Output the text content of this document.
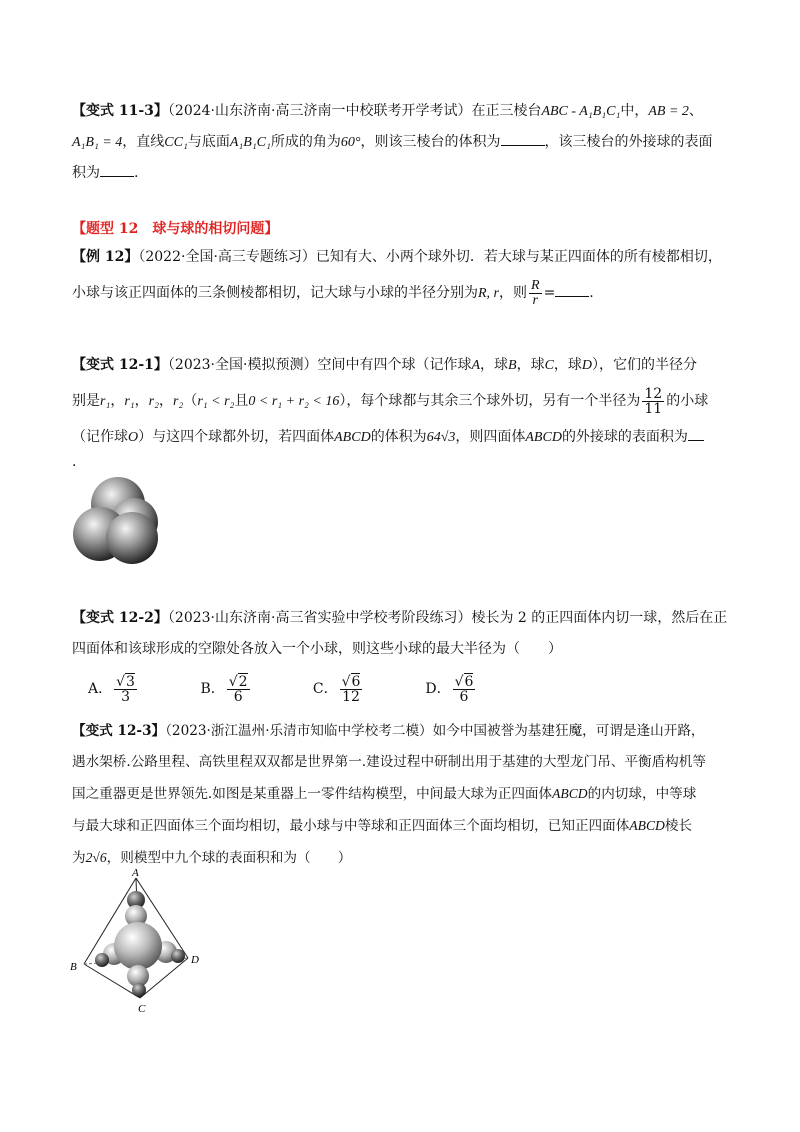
【变式 11-3】（2024·山东济南·高三济南一中校联考开学考试）在正三棱台ABC - A₁B₁C₁中，AB = 2、
A₁B₁ = 4，直线CC₁与底面A₁B₁C₁所成的角为60°，则该三棱台的体积为	，该三棱台的外接球的表面
积为 .
【题型 12　球与球的相切问题】
【例 12】（2022·全国·高三专题练习）已知有大、小两个球外切．若大球与某正四面体的所有棱都相切，
小球与该正四面体的三条侧棱都相切，记大球与小球的半径分别为R, r，则 $\frac{R}{r}$ = .
【变式 12-1】（2023·全国·模拟预测）空间中有四个球（记作球A，球B，球C，球D），它们的半径分
别是r₁，r₁，r₂，r₂（r₁ < r₂且0 < r₁ + r₂ < 16），每个球都与其余三个球外切，另有一个半径为 $\frac{12}{11}$ 的小球
（记作球O）与这四个球都外切，若四面体ABCD的体积为64√3，则四面体ABCD的外接球的表面积为
.
【变式 12-2】（2023·山东济南·高三省实验中学校考阶段练习）棱长为 2 的正四面体内切一球，然后在正
四面体和该球形成的空隙处各放入一个小球，则这些小球的最大半径为（　　）
A． $\frac{√3}{3}$	B． $\frac{√2}{6}$	C． $\frac{√6}{12}$	D． $\frac{√6}{6}$
【变式 12-3】（2023·浙江温州·乐清市知临中学校考二模）如今中国被誉为基建狂魔，可谓是逢山开路，
遇水架桥.公路里程、高铁里程双双都是世界第一.建设过程中研制出用于基建的大型龙门吊、平衡盾构机等
国之重器更是世界领先.如图是某重器上一零件结构模型，中间最大球为正四面体ABCD的内切球，中等球
与最大球和正四面体三个面均相切，最小球与中等球和正四面体三个面均相切，已知正四面体ABCD棱长
为2√6，则模型中九个球的表面积和为（　　）
A
B
C
D
